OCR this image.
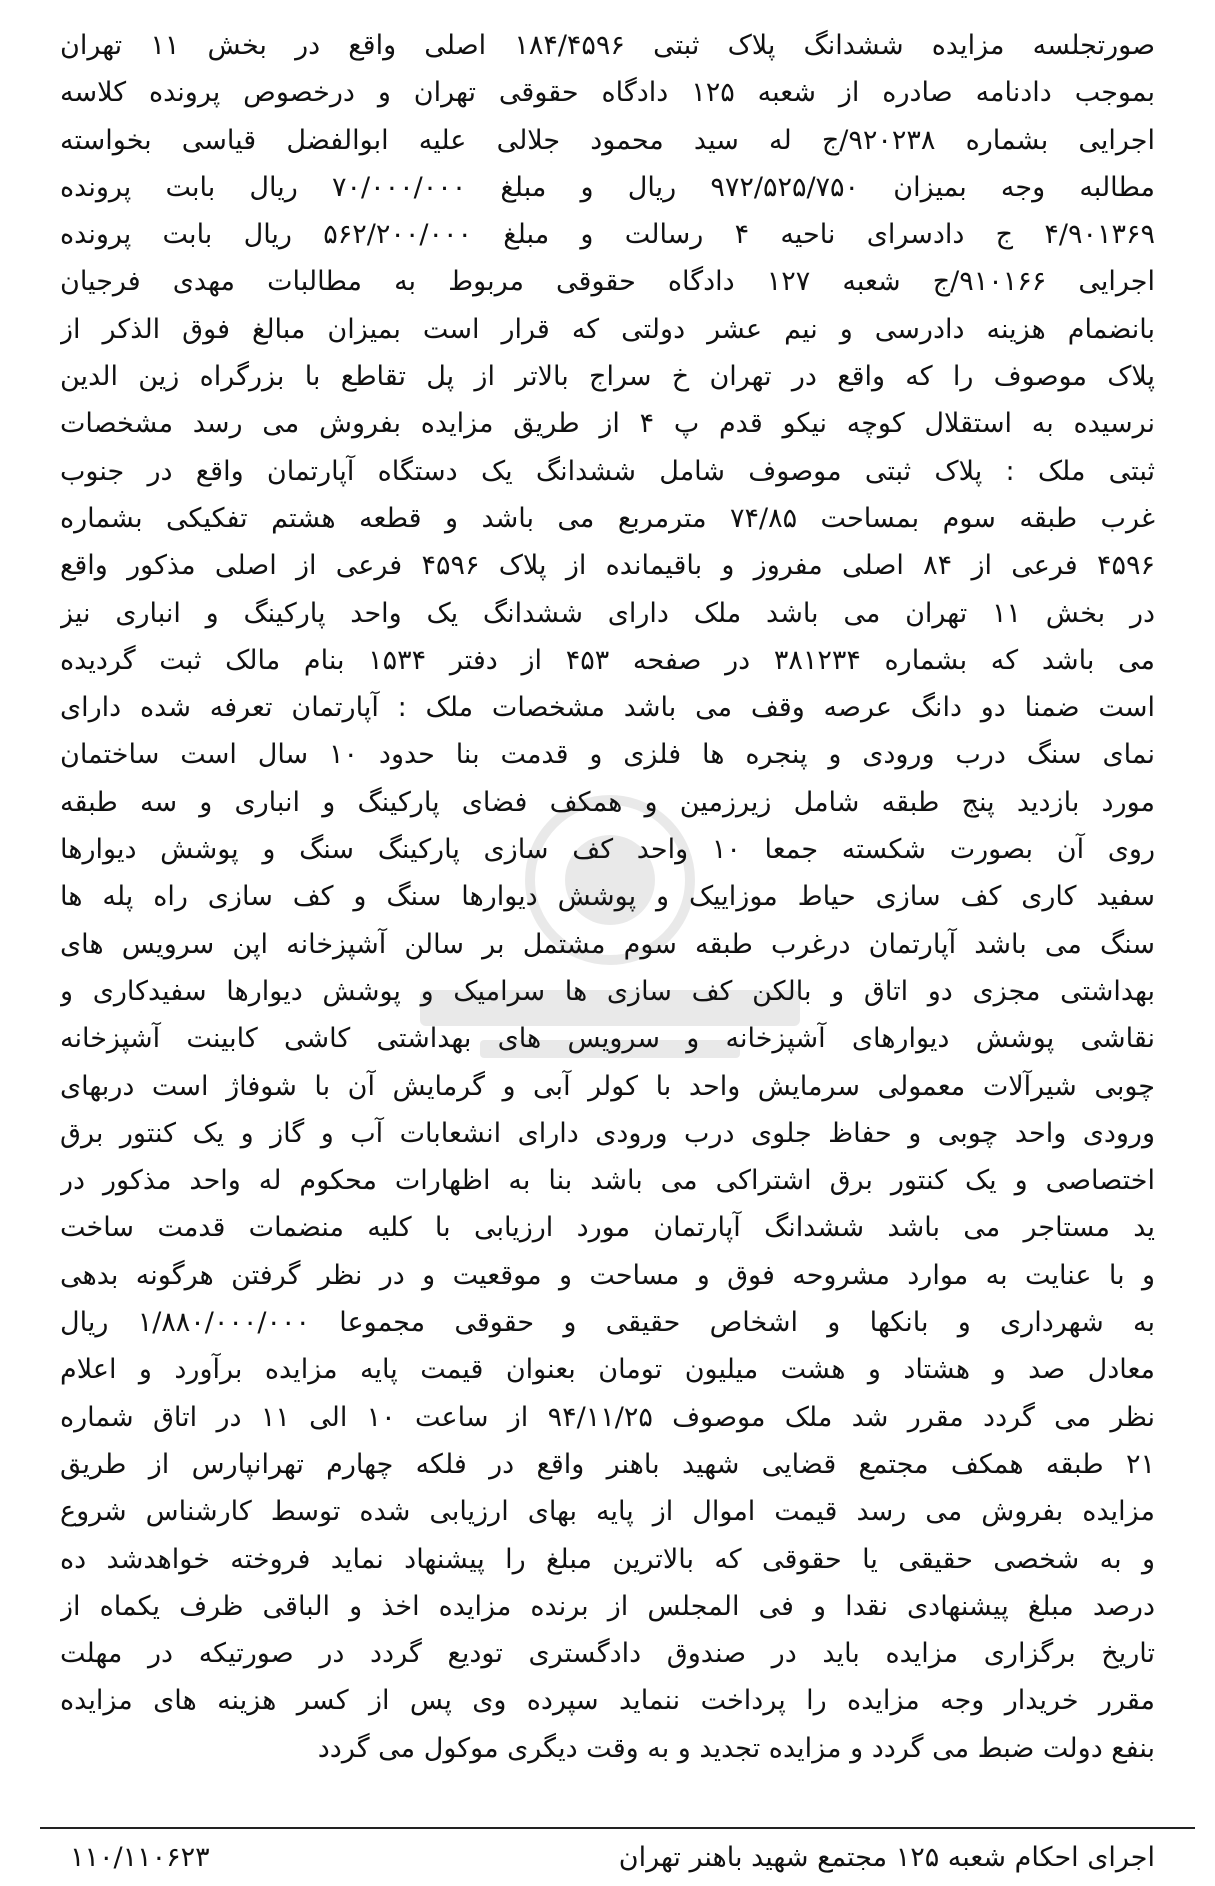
صورتجلسه مزایده ششدانگ پلاک ثبتی ۱۸۴/۴۵۹۶ اصلی واقع در بخش ۱۱ تهران
بموجب دادنامه صادره از شعبه ۱۲۵ دادگاه حقوقی تهران و درخصوص پرونده کلاسه
اجرایی بشماره ۹۲۰۲۳۸/ج له سید محمود جلالی علیه ابوالفضل قیاسی بخواسته
مطالبه وجه بمیزان ۹۷۲/۵۲۵/۷۵۰ ریال و مبلغ ۷۰/۰۰۰/۰۰۰ ریال بابت پرونده
۴/۹۰۱۳۶۹ ج دادسرای ناحیه ۴ رسالت و مبلغ ۵۶۲/۲۰۰/۰۰۰ ریال بابت پرونده
اجرایی ۹۱۰۱۶۶/ج شعبه ۱۲۷ دادگاه حقوقی مربوط به مطالبات مهدی فرجیان
بانضمام هزینه دادرسی و نیم عشر دولتی که قرار است بمیزان مبالغ فوق الذکر از
پلاک موصوف را که واقع در تهران خ سراج بالاتر از پل تقاطع با بزرگراه زین الدین
نرسیده به استقلال کوچه نیکو قدم پ ۴ از طریق مزایده بفروش می رسد مشخصات
ثبتی ملک : پلاک ثبتی موصوف شامل ششدانگ یک دستگاه آپارتمان واقع در جنوب
غرب طبقه سوم بمساحت ۷۴/۸۵ مترمربع می باشد و قطعه هشتم تفکیکی بشماره
۴۵۹۶ فرعی از ۸۴ اصلی مفروز و باقیمانده از پلاک ۴۵۹۶ فرعی از اصلی مذکور واقع
در بخش ۱۱ تهران می باشد ملک دارای ششدانگ یک واحد پارکینگ و انباری نیز
می باشد که بشماره ۳۸۱۲۳۴ در صفحه ۴۵۳ از دفتر ۱۵۳۴ بنام مالک ثبت گردیده
است ضمنا دو دانگ عرصه وقف می باشد مشخصات ملک : آپارتمان تعرفه شده دارای
نمای سنگ درب ورودی و پنجره ها فلزی و قدمت بنا حدود ۱۰ سال است ساختمان
مورد بازدید پنج طبقه شامل زیرزمین و همکف فضای پارکینگ و انباری و سه طبقه
روی آن بصورت شکسته جمعا ۱۰ واحد کف سازی پارکینگ سنگ و پوشش دیوارها
سفید کاری کف سازی حیاط موزاییک و پوشش دیوارها سنگ و کف سازی راه پله ها
سنگ می باشد آپارتمان درغرب طبقه سوم مشتمل بر سالن آشپزخانه اپن سرویس های
بهداشتی مجزی دو اتاق و بالکن کف سازی ها سرامیک و پوشش دیوارها سفیدکاری و
نقاشی پوشش دیوارهای آشپزخانه و سرویس های بهداشتی کاشی کابینت آشپزخانه
چوبی شیرآلات معمولی سرمایش واحد با کولر آبی و گرمایش آن با شوفاژ است دربهای
ورودی واحد چوبی و حفاظ جلوی درب ورودی دارای انشعابات آب و گاز و یک کنتور برق
اختصاصی و یک کنتور برق اشتراکی می باشد بنا به اظهارات محکوم له واحد مذکور در
ید مستاجر می باشد ششدانگ آپارتمان مورد ارزیابی با کلیه منضمات قدمت ساخت
و با عنایت به موارد مشروحه فوق و مساحت و موقعیت و در نظر گرفتن هرگونه بدهی
به شهرداری و بانکها و اشخاص حقیقی و حقوقی مجموعا ۱/۸۸۰/۰۰۰/۰۰۰ ریال
معادل صد و هشتاد و هشت میلیون تومان بعنوان قیمت پایه مزایده برآورد و اعلام
نظر می گردد مقرر شد ملک موصوف ۹۴/۱۱/۲۵ از ساعت ۱۰ الی ۱۱ در اتاق شماره
۲۱ طبقه همکف مجتمع قضایی شهید باهنر واقع در فلکه چهارم تهرانپارس از طریق
مزایده بفروش می رسد قیمت اموال از پایه بهای ارزیابی شده توسط کارشناس شروع
و به شخصی حقیقی یا حقوقی که بالاترین مبلغ را پیشنهاد نماید فروخته خواهدشد ده
درصد مبلغ پیشنهادی نقدا و فی المجلس از برنده مزایده اخذ و الباقی ظرف یکماه از
تاریخ برگزاری مزایده باید در صندوق دادگستری تودیع گردد در صورتیکه در مهلت
مقرر خریدار وجه مزایده را پرداخت ننماید سپرده وی پس از کسر هزینه های مزایده
بنفع دولت ضبط می گردد و مزایده تجدید و به وقت دیگری موکول می گردد
اجرای احکام شعبه ۱۲۵ مجتمع شهید باهنر تهران
۱۱۰/۱۱۰۶۲۳
